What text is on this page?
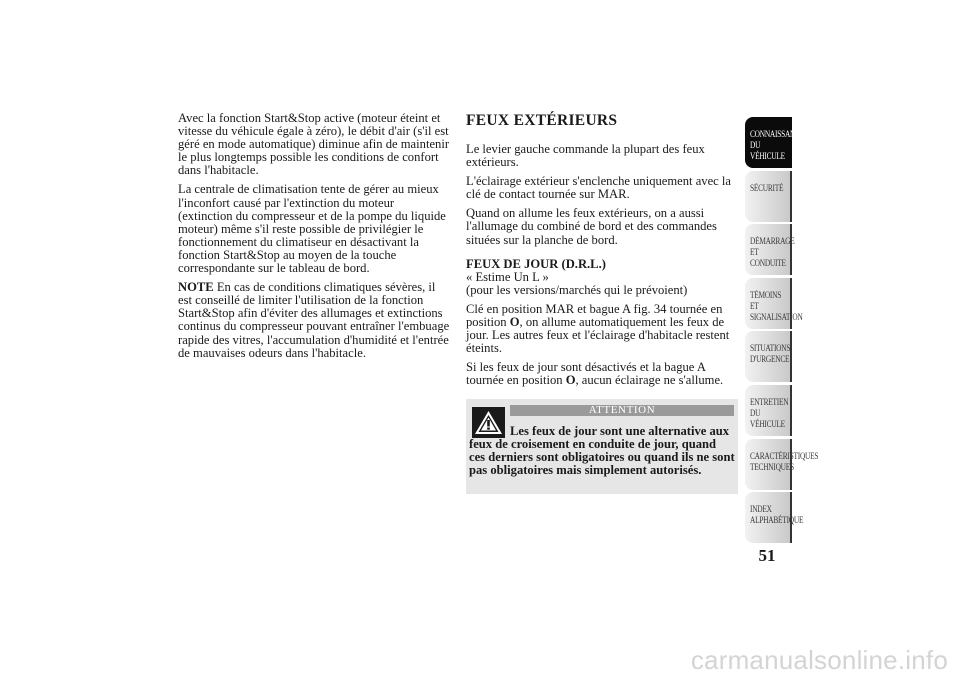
Avec la fonction Start&Stop active (moteur éteint et vitesse du véhicule égale à zéro), le débit d'air (s'il est géré en mode automatique) diminue afin de maintenir le plus longtemps possible les conditions de confort dans l'habitacle.

La centrale de climatisation tente de gérer au mieux l'inconfort causé par l'extinction du moteur (extinction du compresseur et de la pompe du liquide moteur) même s'il reste possible de privilégier le fonctionnement du climatiseur en désactivant la fonction Start&Stop au moyen de la touche correspondante sur le tableau de bord.

NOTE En cas de conditions climatiques sévères, il est conseillé de limiter l'utilisation de la fonction Start&Stop afin d'éviter des allumages et extinctions continus du compresseur pouvant entraîner l'embuage rapide des vitres, l'accumulation d'humidité et l'entrée de mauvaises odeurs dans l'habitacle.

FEUX EXTÉRIEURS

Le levier gauche commande la plupart des feux extérieurs.

L'éclairage extérieur s'enclenche uniquement avec la clé de contact tournée sur MAR.

Quand on allume les feux extérieurs, on a aussi l'allumage du combiné de bord et des commandes situées sur la planche de bord.

FEUX DE JOUR (D.R.L.)
« Estime Un L »

(pour les versions/marchés qui le prévoient)

Clé en position MAR et bague A fig. 34 tournée en position O, on allume automatiquement les feux de jour. Les autres feux et l'éclairage d'habitacle restent éteints.

Si les feux de jour sont désactivés et la bague A tournée en position O, aucun éclairage ne s'allume.

ATTENTION
Les feux de jour sont une alternative aux feux de croisement en conduite de jour, quand ces derniers sont obligatoires ou quand ils ne sont pas obligatoires mais simplement autorisés.
CONNAISSANCE DU VÉHICULE
SÉCURITÉ
DÉMARRAGE ET CONDUITE
TÉMOINS ET SIGNALISATION
SITUATIONS D'URGENCE
ENTRETIEN DU VÉHICULE
CARACTÉRISTIQUES TECHNIQUES
INDEX ALPHABÉTIQUE
51
carmanualsonline.info
